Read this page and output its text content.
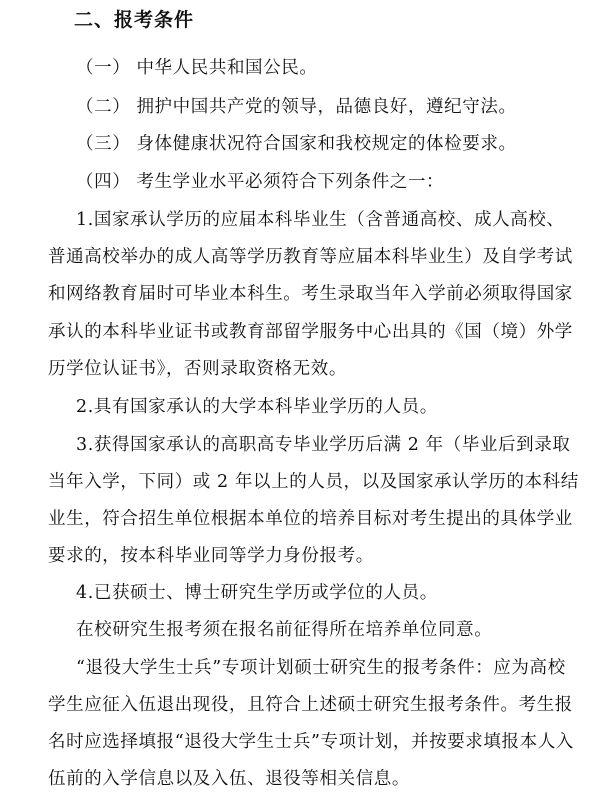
二、报考条件
（一） 中华人民共和国公民。
（二） 拥护中国共产党的领导，品德良好，遵纪守法。
（三） 身体健康状况符合国家和我校规定的体检要求。
（四） 考生学业水平必须符合下列条件之一：
1.国家承认学历的应届本科毕业生（含普通高校、成人高校、
普通高校举办的成人高等学历教育等应届本科毕业生）及自学考试
和网络教育届时可毕业本科生。考生录取当年入学前必须取得国家
承认的本科毕业证书或教育部留学服务中心出具的《国（境）外学
历学位认证书》，否则录取资格无效。
2.具有国家承认的大学本科毕业学历的人员。
3.获得国家承认的高职高专毕业学历后满 2 年（毕业后到录取
当年入学，下同）或 2 年以上的人员，以及国家承认学历的本科结
业生，符合招生单位根据本单位的培养目标对考生提出的具体学业
要求的，按本科毕业同等学力身份报考。
4.已获硕士、博士研究生学历或学位的人员。
在校研究生报考须在报名前征得所在培养单位同意。
“退役大学生士兵”专项计划硕士研究生的报考条件：应为高校
学生应征入伍退出现役，且符合上述硕士研究生报考条件。考生报
名时应选择填报“退役大学生士兵”专项计划，并按要求填报本人入
伍前的入学信息以及入伍、退役等相关信息。
